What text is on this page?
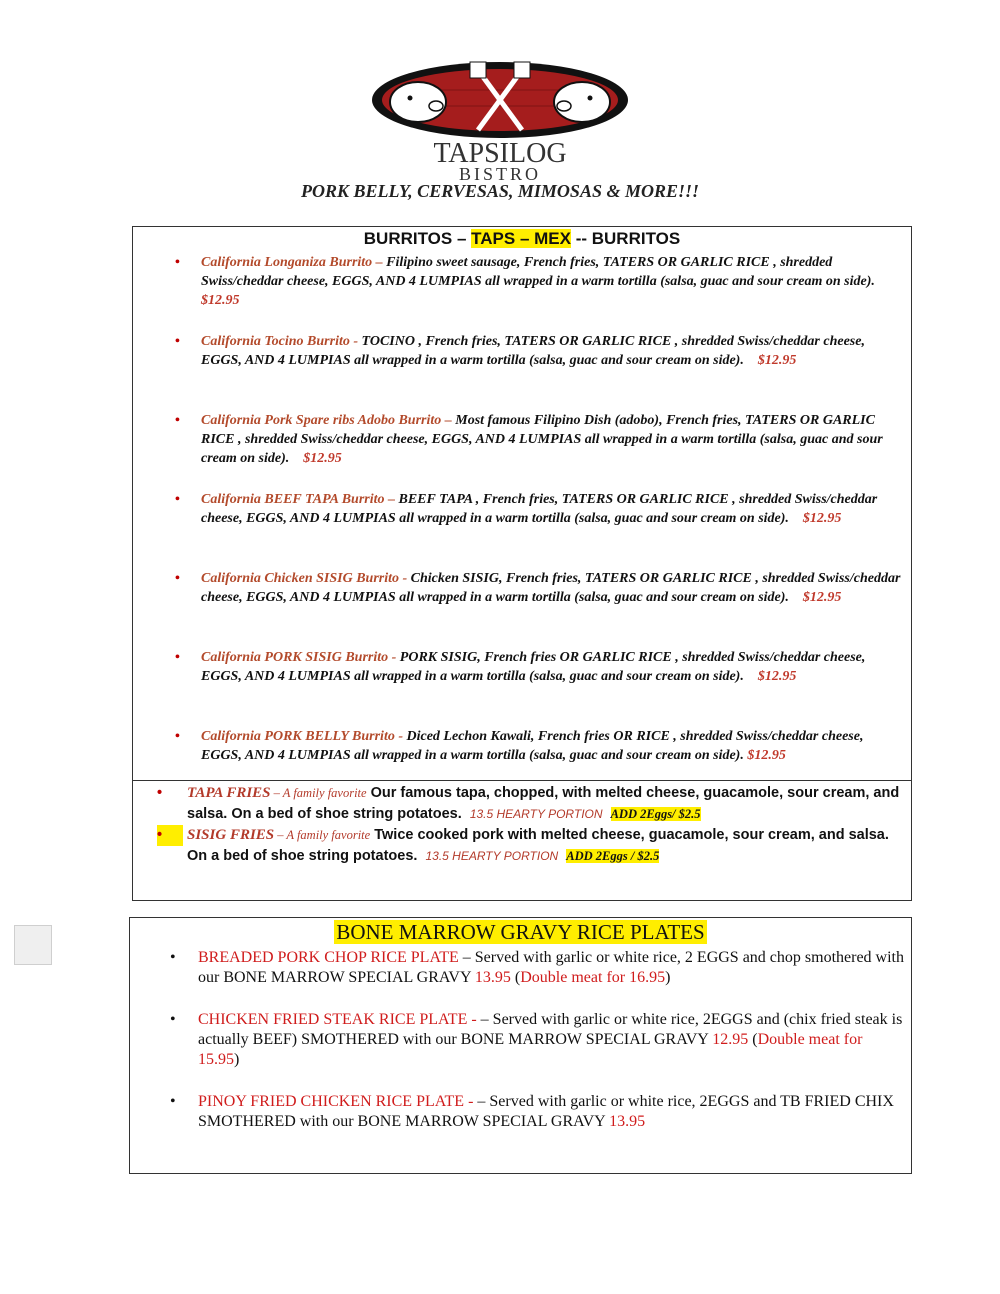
TAPSILOG
BISTRO
PORK BELLY, CERVESAS, MIMOSAS & MORE!!!
BURRITOS – TAPS – MEX -- BURRITOS
• California Longaniza Burrito – Filipino sweet sausage, French fries, TATERS OR GARLIC RICE , shredded Swiss/cheddar cheese, EGGS, AND 4 LUMPIAS all wrapped in a warm tortilla (salsa, guac and sour cream on side).    $12.95
• California Tocino Burrito - TOCINO , French fries, TATERS OR GARLIC RICE , shredded Swiss/cheddar cheese, EGGS, AND 4 LUMPIAS all wrapped in a warm tortilla (salsa, guac and sour cream on side). $12.95
• California Pork Spare ribs Adobo Burrito – Most famous Filipino Dish (adobo), French fries, TATERS OR GARLIC RICE , shredded Swiss/cheddar cheese, EGGS, AND 4 LUMPIAS all wrapped in a warm tortilla (salsa, guac and sour cream on side). $12.95
• California BEEF TAPA Burrito – BEEF TAPA , French fries, TATERS OR GARLIC RICE , shredded Swiss/cheddar cheese, EGGS, AND 4 LUMPIAS all wrapped in a warm tortilla (salsa, guac and sour cream on side). $12.95
• California Chicken SISIG Burrito - Chicken SISIG, French fries, TATERS OR GARLIC RICE , shredded Swiss/cheddar cheese, EGGS, AND 4 LUMPIAS all wrapped in a warm tortilla (salsa, guac and sour cream on side). $12.95
• California PORK SISIG Burrito - PORK SISIG, French fries OR GARLIC RICE , shredded Swiss/cheddar cheese, EGGS, AND 4 LUMPIAS all wrapped in a warm tortilla (salsa, guac and sour cream on side). $12.95
• California PORK BELLY Burrito - Diced Lechon Kawali, French fries OR RICE , shredded Swiss/cheddar cheese, EGGS, AND 4 LUMPIAS all wrapped in a warm tortilla (salsa, guac and sour cream on side). $12.95
• TAPA FRIES – A family favorite Our famous tapa, chopped, with melted cheese, guacamole, sour cream, and salsa. On a bed of shoe string potatoes. 13.5 HEARTY PORTION ADD 2Eggs/ $2.5
•	SISIG FRIES – A family favorite Twice cooked pork with melted cheese, guacamole, sour cream, and salsa. On a bed of shoe string potatoes. 13.5 HEARTY PORTION ADD 2Eggs / $2.5
BONE MARROW GRAVY RICE PLATES
• BREADED PORK CHOP RICE PLATE – Served with garlic or white rice, 2 EGGS and chop smothered with our BONE MARROW SPECIAL GRAVY 13.95 (Double meat for 16.95)
• CHICKEN FRIED STEAK RICE PLATE - – Served with garlic or white rice, 2EGGS and (chix fried steak is actually BEEF) SMOTHERED with our BONE MARROW SPECIAL GRAVY 12.95 (Double meat for 15.95)
• PINOY FRIED CHICKEN RICE PLATE - – Served with garlic or white rice, 2EGGS and TB FRIED CHIX SMOTHERED with our BONE MARROW SPECIAL GRAVY 13.95
